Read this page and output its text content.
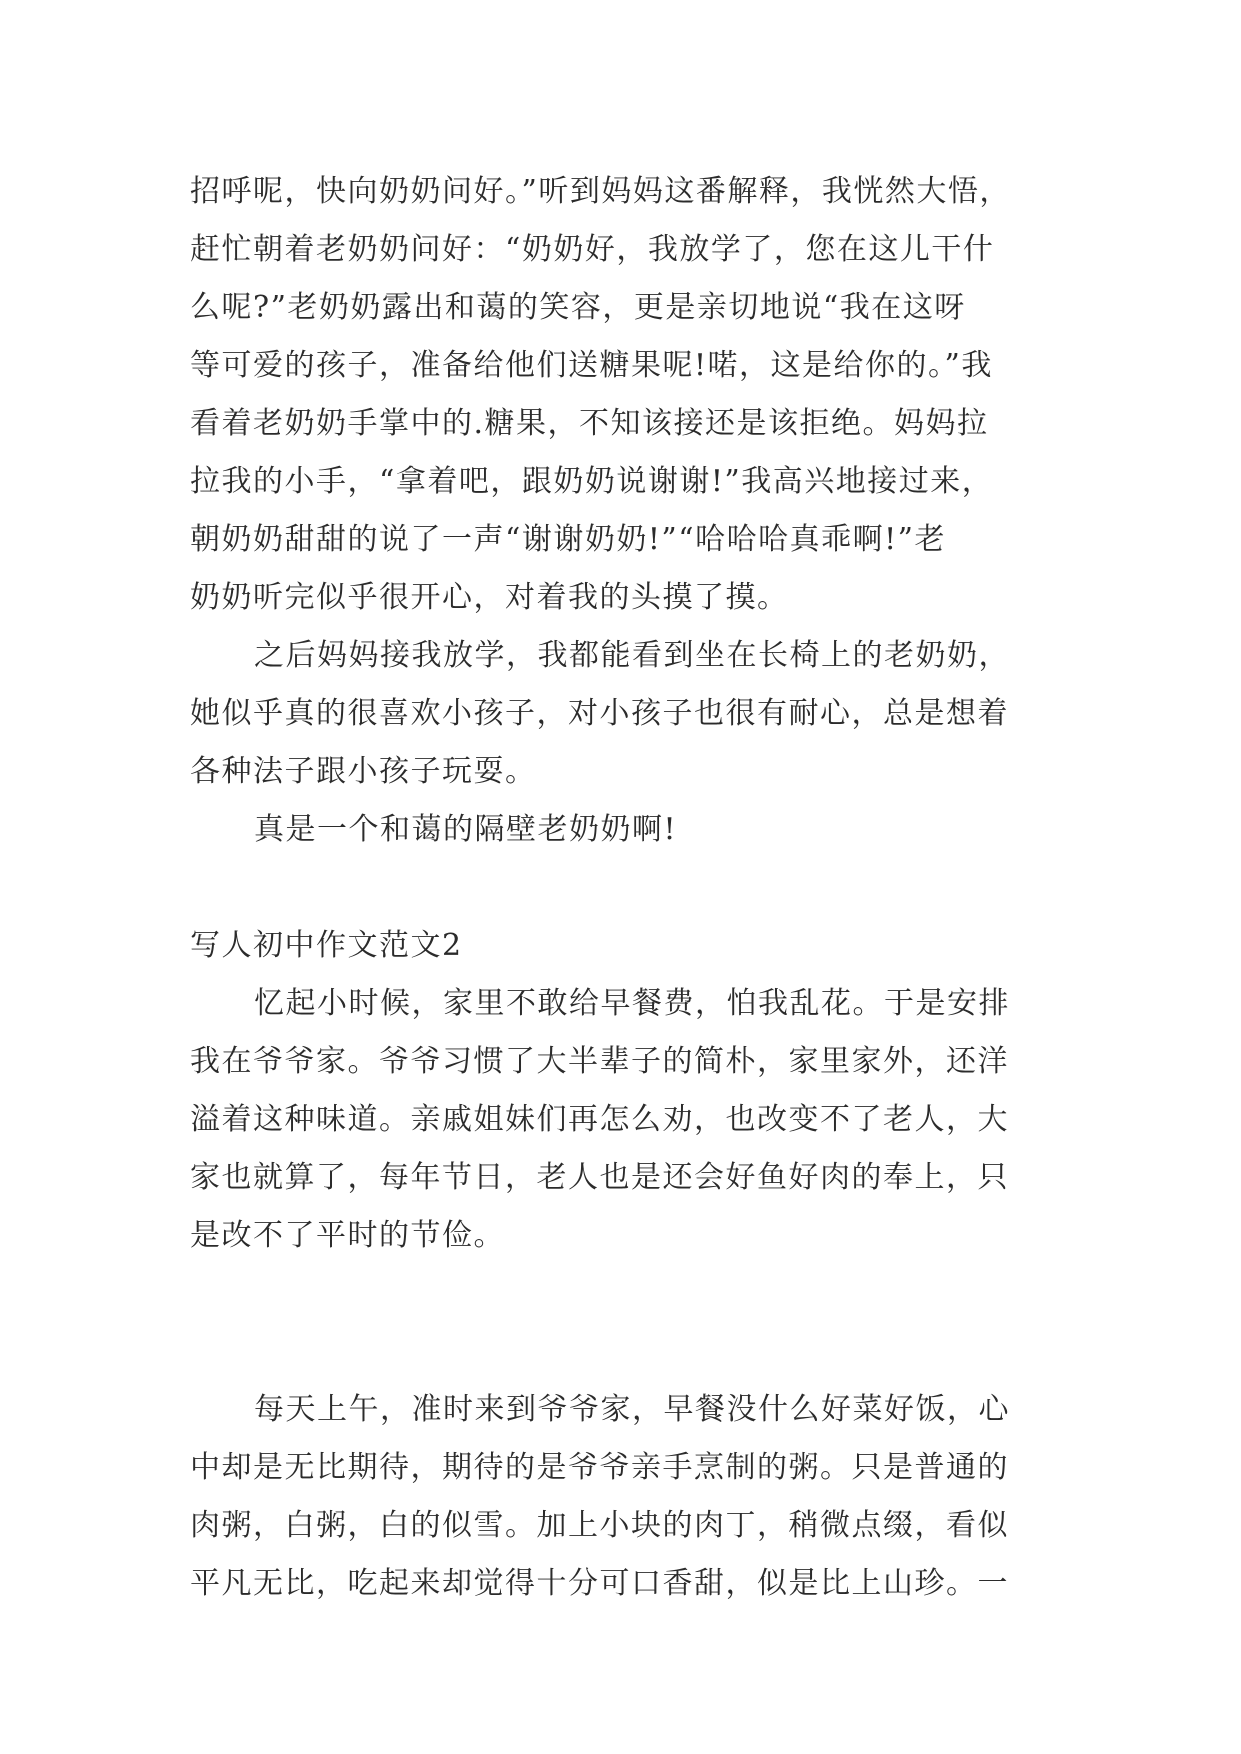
招呼呢，快向奶奶问好。”听到妈妈这番解释，我恍然大悟，
赶忙朝着老奶奶问好：“奶奶好，我放学了，您在这儿干什
么呢?”老奶奶露出和蔼的笑容，更是亲切地说“我在这呀
等可爱的孩子，准备给他们送糖果呢!喏，这是给你的。”我
看着老奶奶手掌中的.糖果，不知该接还是该拒绝。妈妈拉
拉我的小手，“拿着吧，跟奶奶说谢谢!”我高兴地接过来，
朝奶奶甜甜的说了一声“谢谢奶奶!”“哈哈哈真乖啊!”老
奶奶听完似乎很开心，对着我的头摸了摸。
之后妈妈接我放学，我都能看到坐在长椅上的老奶奶，
她似乎真的很喜欢小孩子，对小孩子也很有耐心，总是想着
各种法子跟小孩子玩耍。
真是一个和蔼的隔壁老奶奶啊!
写人初中作文范文2
忆起小时候，家里不敢给早餐费，怕我乱花。于是安排
我在爷爷家。爷爷习惯了大半辈子的简朴，家里家外，还洋
溢着这种味道。亲戚姐妹们再怎么劝，也改变不了老人，大
家也就算了，每年节日，老人也是还会好鱼好肉的奉上，只
是改不了平时的节俭。
每天上午，准时来到爷爷家，早餐没什么好菜好饭，心
中却是无比期待，期待的是爷爷亲手烹制的粥。只是普通的
肉粥，白粥，白的似雪。加上小块的肉丁，稍微点缀，看似
平凡无比，吃起来却觉得十分可口香甜，似是比上山珍。一
